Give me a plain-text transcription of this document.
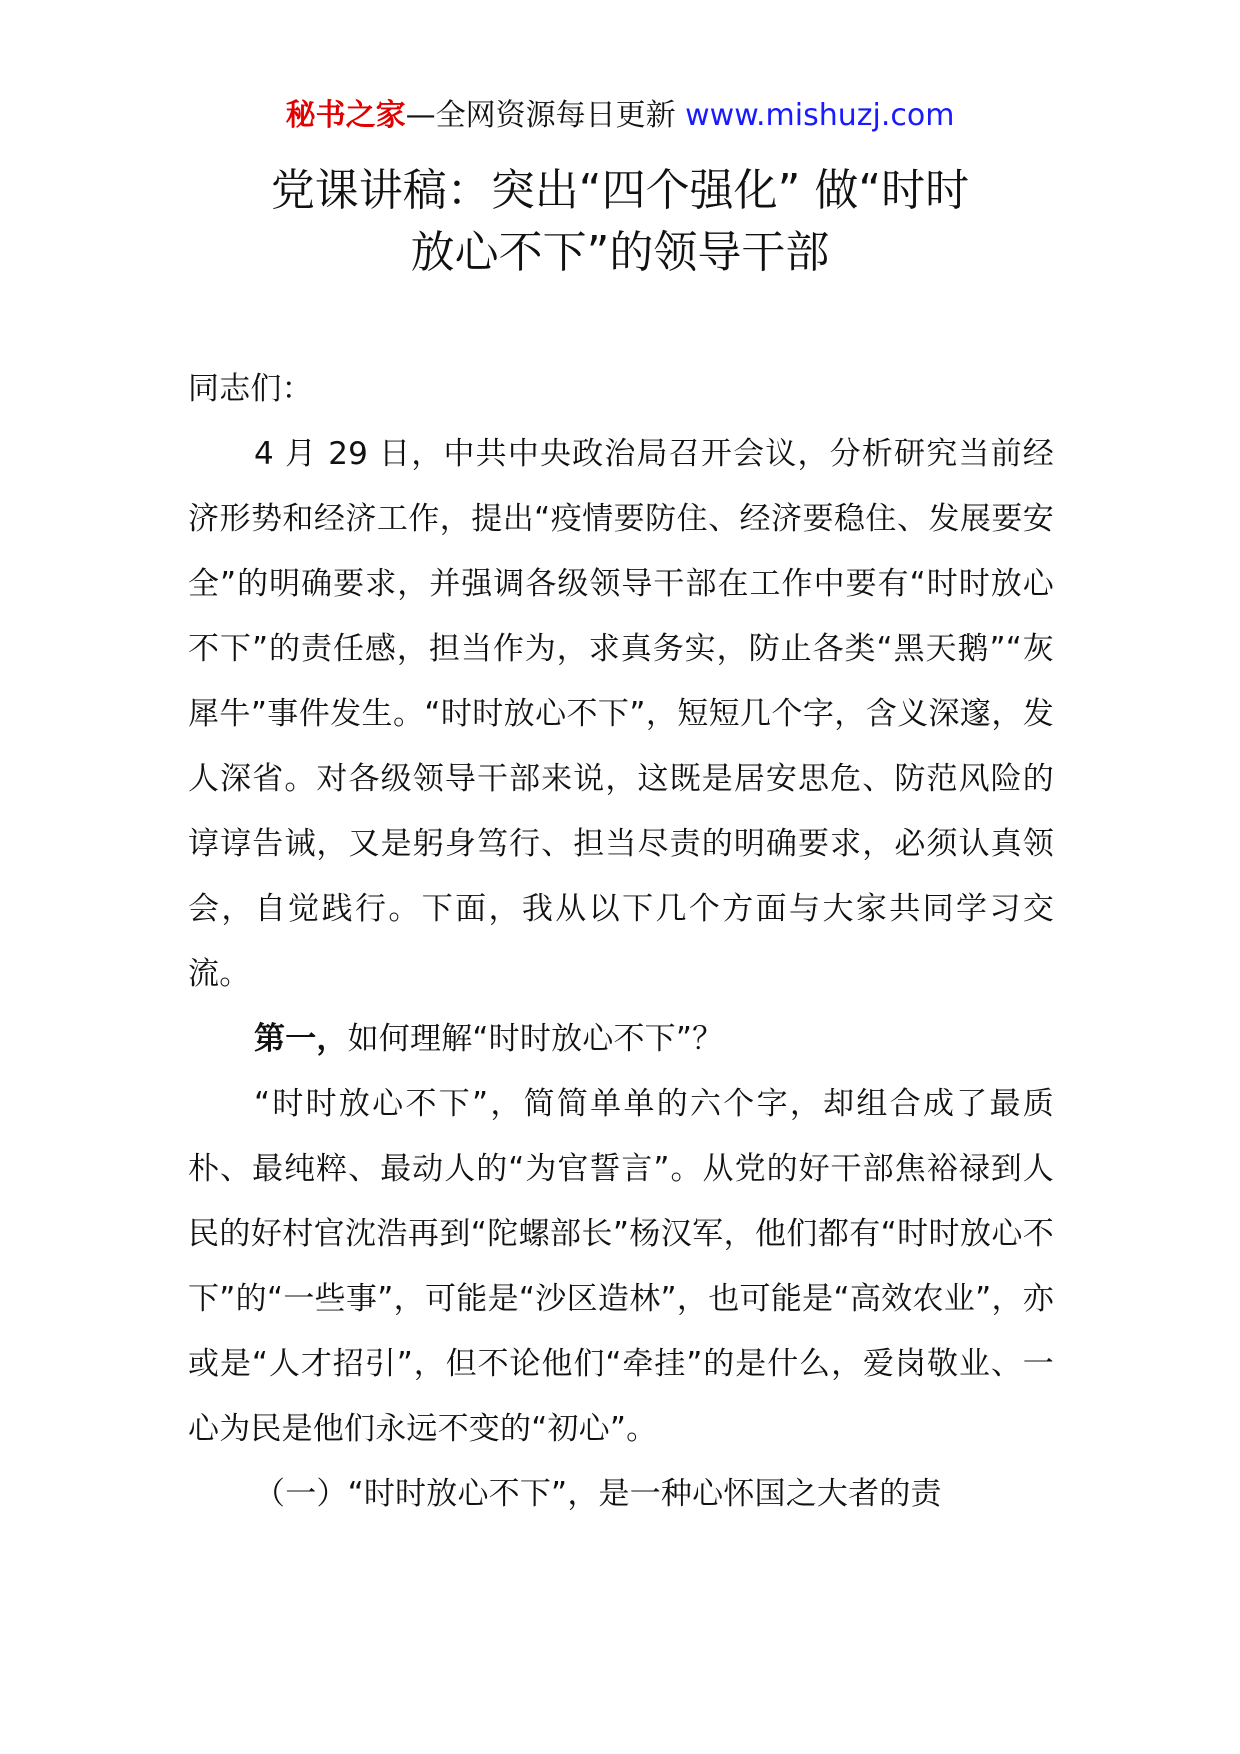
秘书之家—全网资源每日更新 www.mishuzj.com
党课讲稿：突出“四个强化” 做“时时
放心不下”的领导干部

同志们：

4 月 29 日，中共中央政治局召开会议，分析研究当前经济形势和经济工作，提出“疫情要防住、经济要稳住、发展要安全”的明确要求，并强调各级领导干部在工作中要有“时时放心不下”的责任感，担当作为，求真务实，防止各类“黑天鹅”“灰犀牛”事件发生。“时时放心不下”，短短几个字，含义深邃，发人深省。对各级领导干部来说，这既是居安思危、防范风险的谆谆告诫，又是躬身笃行、担当尽责的明确要求，必须认真领会，自觉践行。下面，我从以下几个方面与大家共同学习交流。

第一，如何理解“时时放心不下”？

“时时放心不下”，简简单单的六个字，却组合成了最质朴、最纯粹、最动人的“为官誓言”。从党的好干部焦裕禄到人民的好村官沈浩再到“陀螺部长”杨汉军，他们都有“时时放心不下”的“一些事”，可能是“沙区造林”，也可能是“高效农业”，亦或是“人才招引”，但不论他们“牵挂”的是什么，爱岗敬业、一心为民是他们永远不变的“初心”。

（一）“时时放心不下”，是一种心怀国之大者的责
